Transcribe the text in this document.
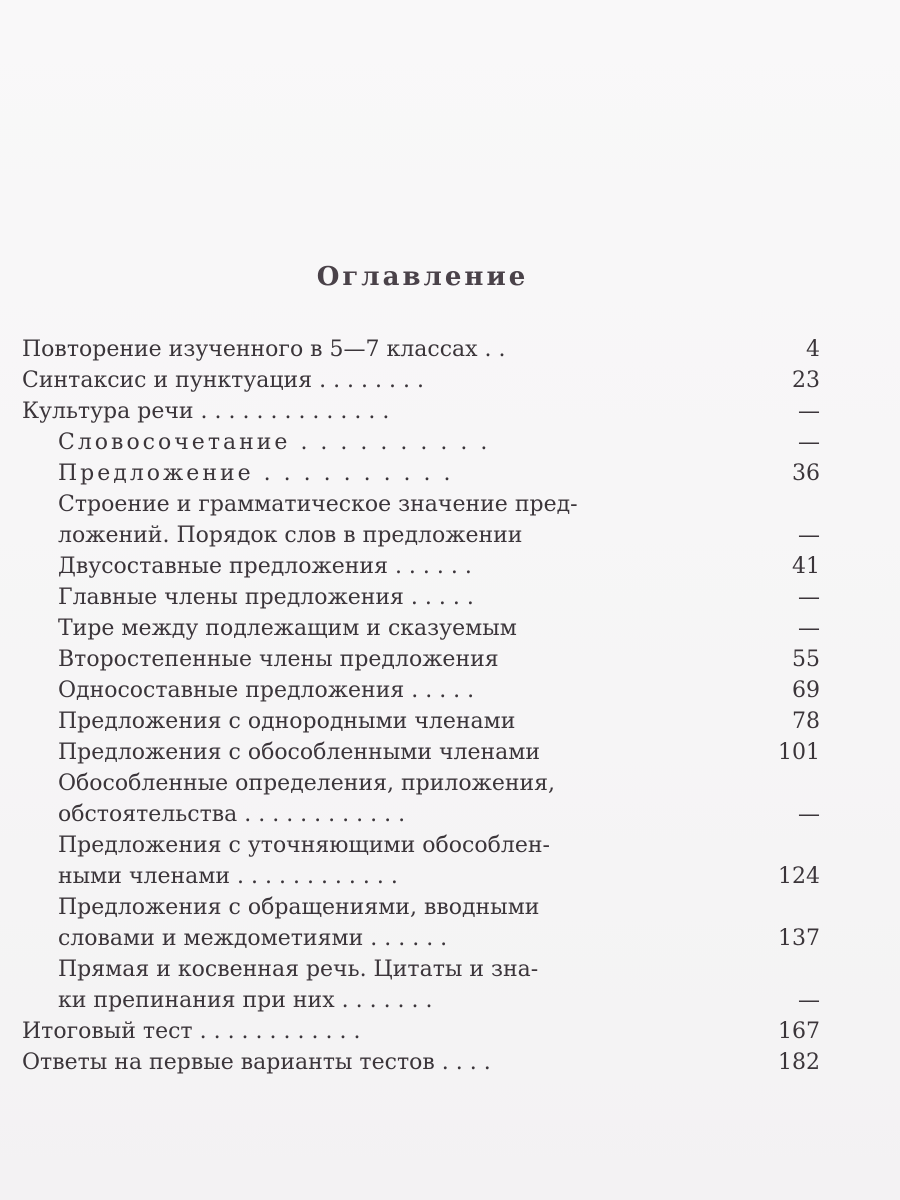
Оглавление
Повторение изученного в 5—7 классах . .	4
Синтаксис и пунктуация . . . . . . . .	23
Культура речи . . . . . . . . . . . . . .	—
Словосочетание . . . . . . . . . .	—
Предложение . . . . . . . . . .	36
Строение и грамматическое значение пред-
ложений. Порядок слов в предложении	—
Двусоставные предложения . . . . . .	41
Главные члены предложения . . . . .	—
Тире между подлежащим и сказуемым	—
Второстепенные члены предложения	55
Односоставные предложения . . . . .	69
Предложения с однородными членами	78
Предложения с обособленными членами	101
Обособленные определения, приложения,
обстоятельства . . . . . . . . . . . .	—
Предложения с уточняющими обособлен-
ными членами . . . . . . . . . . . .	124
Предложения с обращениями, вводными
словами и междометиями . . . . . .	137
Прямая и косвенная речь. Цитаты и зна-
ки препинания при них . . . . . . .	—
Итоговый тест . . . . . . . . . . . .	167
Ответы на первые варианты тестов . . . .	182
